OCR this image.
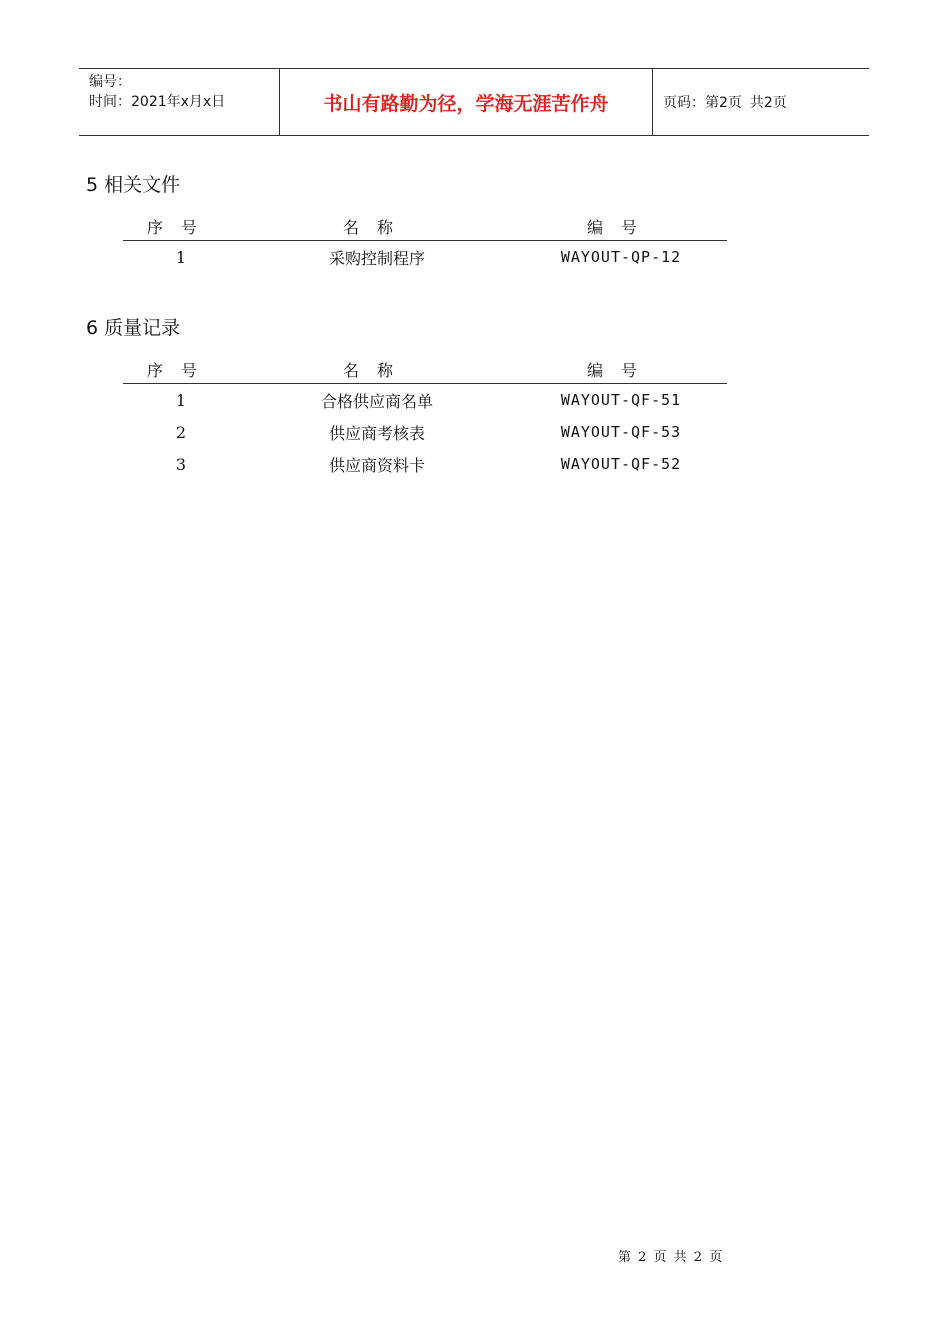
编号：
时间：2021年x月x日	书山有路勤为径，学海无涯苦作舟	页码：第2页 共2页
5 相关文件
序号	名称	编号
1	采购控制程序	WAYOUT-QP-12
6 质量记录
序号	名称	编号
1	合格供应商名单	WAYOUT-QF-51
2	供应商考核表	WAYOUT-QF-53
3	供应商资料卡	WAYOUT-QF-52
第 2 页 共 2 页
